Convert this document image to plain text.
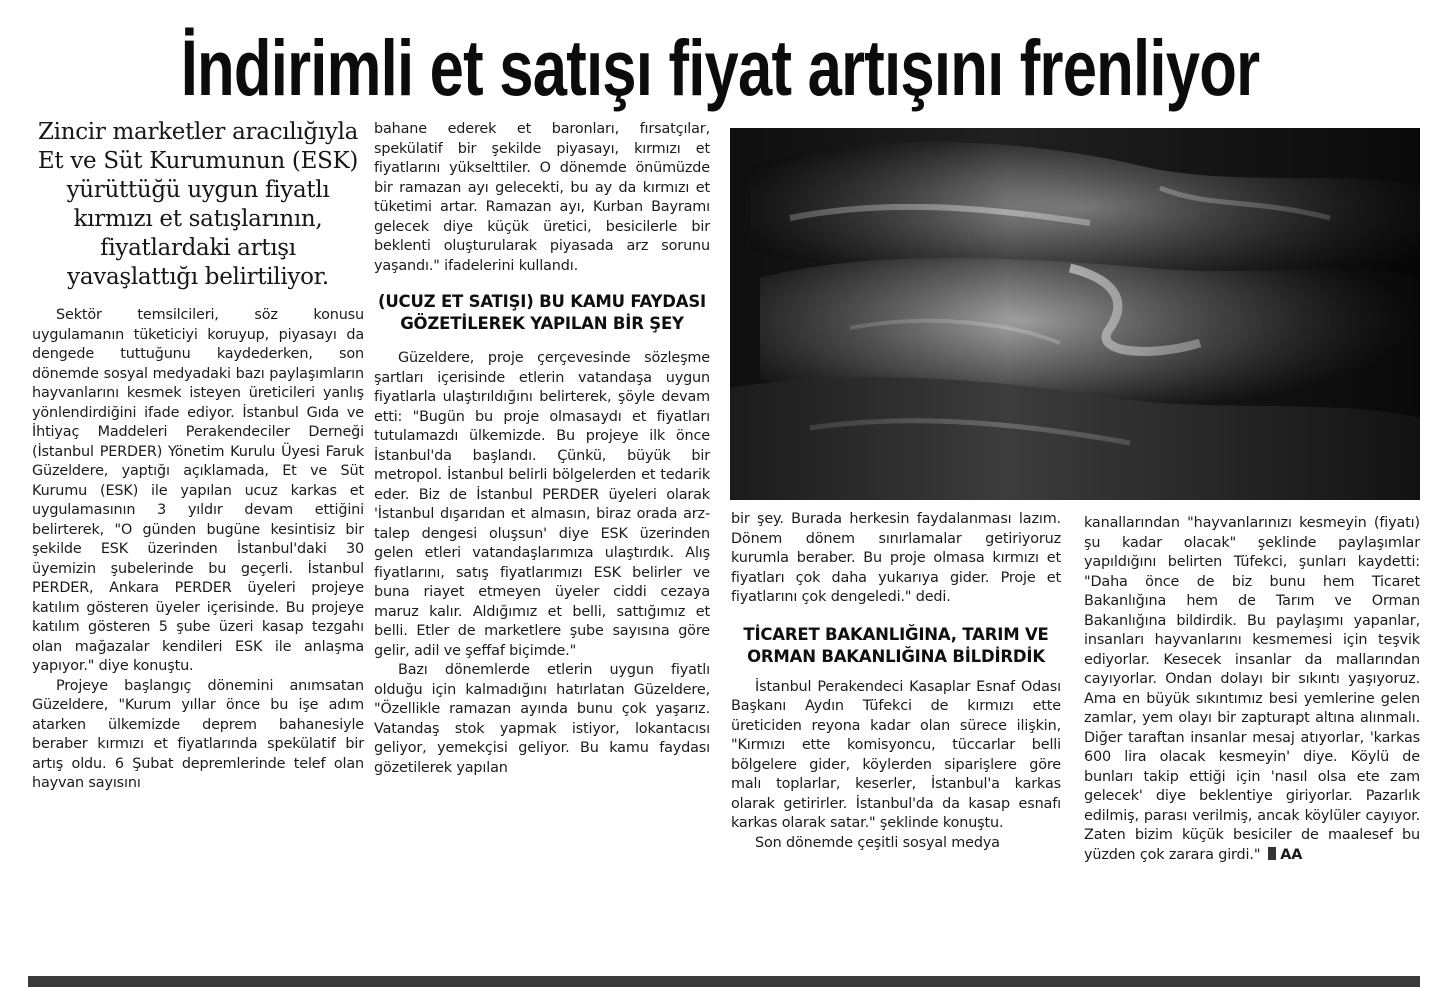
İndirimli et satışı fiyat artışını frenliyor
Zincir marketler aracılığıyla Et ve Süt Kurumunun (ESK) yürüttüğü uygun fiyatlı kırmızı et satışlarının, fiyatlardaki artışı yavaşlattığı belirtiliyor.

Sektör temsilcileri, söz konusu uygulamanın tüketiciyi koruyup, piyasayı da dengede tuttuğunu kaydederken, son dönemde sosyal medyadaki bazı paylaşımların hayvanlarını kesmek isteyen üreticileri yanlış yönlendirdiğini ifade ediyor. İstanbul Gıda ve İhtiyaç Maddeleri Perakendeciler Derneği (İstanbul PERDER) Yönetim Kurulu Üyesi Faruk Güzeldere, yaptığı açıklamada, Et ve Süt Kurumu (ESK) ile yapılan ucuz karkas et uygulamasının 3 yıldır devam ettiğini belirterek, "O günden bugüne kesintisiz bir şekilde ESK üzerinden İstanbul'daki 30 üyemizin şubelerinde bu geçerli. İstanbul PERDER, Ankara PERDER üyeleri projeye katılım gösteren üyeler içerisinde. Bu projeye katılım gösteren 5 şube üzeri kasap tezgahı olan mağazalar kendileri ESK ile anlaşma yapıyor." diye konuştu.

Projeye başlangıç dönemini anımsatan Güzeldere, "Kurum yıllar önce bu işe adım atarken ülkemizde deprem bahanesiyle beraber kırmızı et fiyatlarında spekülatif bir artış oldu. 6 Şubat depremlerinde telef olan hayvan sayısını

bahane ederek et baronları, fırsatçılar, spekülatif bir şekilde piyasayı, kırmızı et fiyatlarını yükselttiler. O dönemde önümüzde bir ramazan ayı gelecekti, bu ay da kırmızı et tüketimi artar. Ramazan ayı, Kurban Bayramı gelecek diye küçük üretici, besicilerle bir beklenti oluşturularak piyasada arz sorunu yaşandı." ifadelerini kullandı.

(UCUZ ET SATIŞI) BU KAMU FAYDASI GÖZETİLEREK YAPILAN BİR ŞEY

Güzeldere, proje çerçevesinde sözleşme şartları içerisinde etlerin vatandaşa uygun fiyatlarla ulaştırıldığını belirterek, şöyle devam etti: "Bugün bu proje olmasaydı et fiyatları tutulamazdı ülkemizde. Bu projeye ilk önce İstanbul'da başlandı. Çünkü, büyük bir metropol. İstanbul belirli bölgelerden et tedarik eder. Biz de İstanbul PERDER üyeleri olarak 'İstanbul dışarıdan et almasın, biraz orada arz-talep dengesi oluşsun' diye ESK üzerinden gelen etleri vatandaşlarımıza ulaştırdık. Alış fiyatlarını, satış fiyatlarımızı ESK belirler ve buna riayet etmeyen üyeler ciddi cezaya maruz kalır. Aldığımız et belli, sattığımız et belli. Etler de marketlere şube sayısına göre gelir, adil ve şeffaf biçimde."

Bazı dönemlerde etlerin uygun fiyatlı olduğu için kalmadığını hatırlatan Güzeldere, "Özellikle ramazan ayında bunu çok yaşarız. Vatandaş stok yapmak istiyor, lokantacısı geliyor, yemekçisi geliyor. Bu kamu faydası gözetilerek yapılan

bir şey. Burada herkesin faydalanması lazım. Dönem dönem sınırlamalar getiriyoruz kurumla beraber. Bu proje olmasa kırmızı et fiyatları çok daha yukarıya gider. Proje et fiyatlarını çok dengeledi." dedi.

TİCARET BAKANLIĞINA, TARIM VE ORMAN BAKANLIĞINA BİLDİRDİK

İstanbul Perakendeci Kasaplar Esnaf Odası Başkanı Aydın Tüfekci de kırmızı ette üreticiden reyona kadar olan sürece ilişkin, "Kırmızı ette komisyoncu, tüccarlar belli bölgelere gider, köylerden siparişlere göre malı toplarlar, keserler, İstanbul'a karkas olarak getirirler. İstanbul'da da kasap esnafı karkas olarak satar." şeklinde konuştu.

Son dönemde çeşitli sosyal medya

kanallarından "hayvanlarınızı kesmeyin (fiyatı) şu kadar olacak" şeklinde paylaşımlar yapıldığını belirten Tüfekci, şunları kaydetti: "Daha önce de biz bunu hem Ticaret Bakanlığına hem de Tarım ve Orman Bakanlığına bildirdik. Bu paylaşımı yapanlar, insanları hayvanlarını kesmemesi için teşvik ediyorlar. Kesecek insanlar da mallarından cayıyorlar. Ondan dolayı bir sıkıntı yaşıyoruz. Ama en büyük sıkıntımız besi yemlerine gelen zamlar, yem olayı bir zapturapt altına alınmalı. Diğer taraftan insanlar mesaj atıyorlar, 'karkas 600 lira olacak kesmeyin' diye. Köylü de bunları takip ettiği için 'nasıl olsa ete zam gelecek' diye beklentiye giriyorlar. Pazarlık edilmiş, parası verilmiş, ancak köylüler cayıyor. Zaten bizim küçük besiciler de maalesef bu yüzden çok zarara girdi." AA
